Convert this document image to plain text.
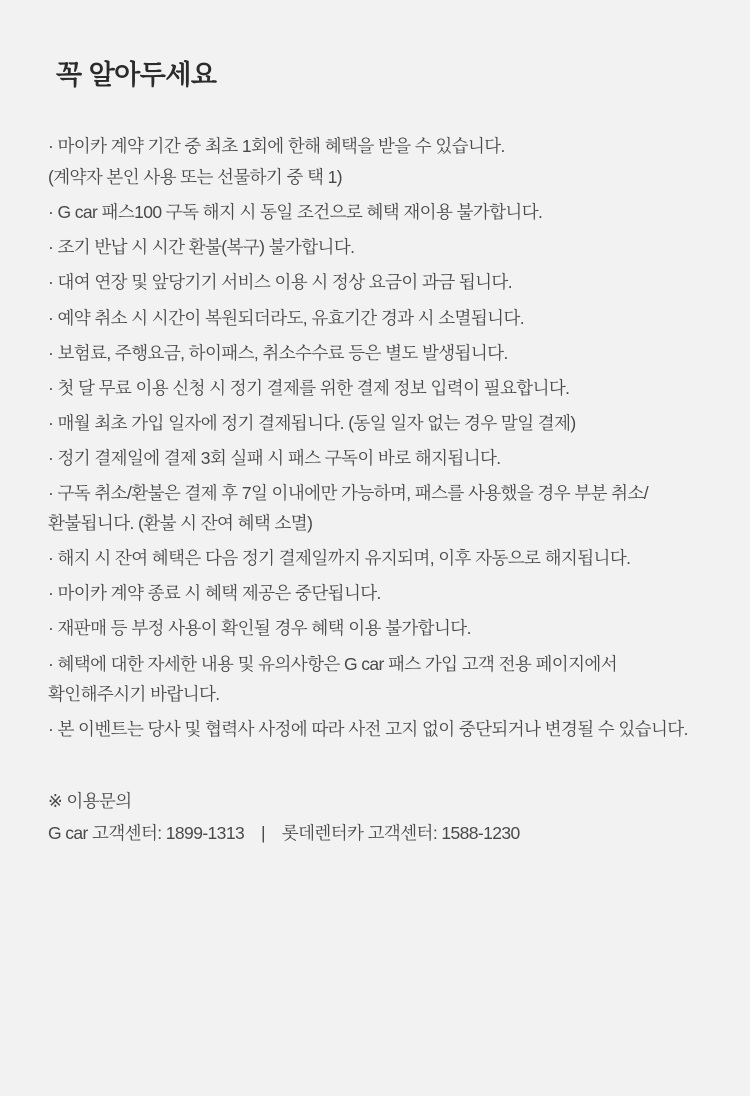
꼭 알아두세요
· 마이카 계약 기간 중 최초 1회에 한해 혜택을 받을 수 있습니다.
(계약자 본인 사용 또는 선물하기 중 택 1)
· G car 패스100 구독 해지 시 동일 조건으로 혜택 재이용 불가합니다.
· 조기 반납 시 시간 환불(복구) 불가합니다.
· 대여 연장 및 앞당기기 서비스 이용 시 정상 요금이 과금 됩니다.
· 예약 취소 시 시간이 복원되더라도, 유효기간 경과 시 소멸됩니다.
· 보험료, 주행요금, 하이패스, 취소수수료 등은 별도 발생됩니다.
· 첫 달 무료 이용 신청 시 정기 결제를 위한 결제 정보 입력이 필요합니다.
· 매월 최초 가입 일자에 정기 결제됩니다. (동일 일자 없는 경우 말일 결제)
· 정기 결제일에 결제 3회 실패 시 패스 구독이 바로 해지됩니다.
· 구독 취소/환불은 결제 후 7일 이내에만 가능하며, 패스를 사용했을 경우 부분 취소/환불됩니다. (환불 시 잔여 혜택 소멸)
· 해지 시 잔여 혜택은 다음 정기 결제일까지 유지되며, 이후 자동으로 해지됩니다.
· 마이카 계약 종료 시 혜택 제공은 중단됩니다.
· 재판매 등 부정 사용이 확인될 경우 혜택 이용 불가합니다.
· 혜택에 대한 자세한 내용 및 유의사항은 G car 패스 가입 고객 전용 페이지에서 확인해주시기 바랍니다.
· 본 이벤트는 당사 및 협력사 사정에 따라 사전 고지 없이 중단되거나 변경될 수 있습니다.
※ 이용문의
G car 고객센터: 1899-1313　|　롯데렌터카 고객센터: 1588-1230
